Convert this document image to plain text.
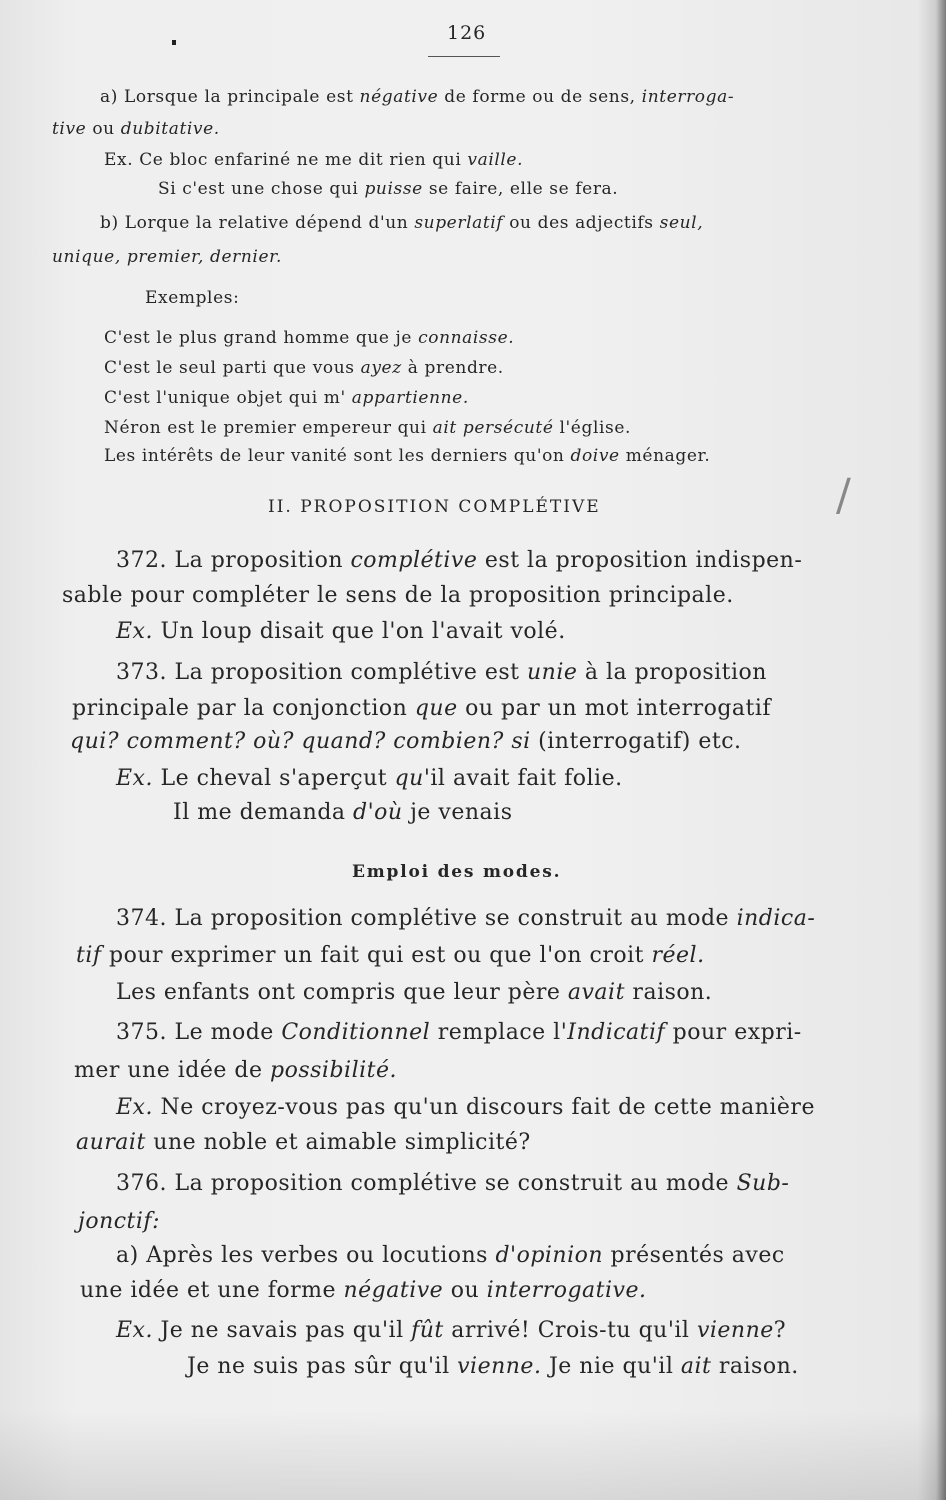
/
126
a) Lorsque la principale est négative de forme ou de sens, interroga-
tive ou dubitative.
Ex. Ce bloc enfariné ne me dit rien qui vaille.
Si c'est une chose qui puisse se faire, elle se fera.
b) Lorque la relative dépend d'un superlatif ou des adjectifs seul,
unique, premier, dernier.
Exemples:
C'est le plus grand homme que je connaisse.
C'est le seul parti que vous ayez à prendre.
C'est l'unique objet qui m' appartienne.
Néron est le premier empereur qui ait persécuté l'église.
Les intérêts de leur vanité sont les derniers qu'on doive ménager.
II. PROPOSITION COMPLÉTIVE
372. La proposition complétive est la proposition indispen-
sable pour compléter le sens de la proposition principale.
Ex. Un loup disait que l'on l'avait volé.
373. La proposition complétive est unie à la proposition
principale par la conjonction que ou par un mot interrogatif
qui? comment? où? quand? combien? si (interrogatif) etc.
Ex. Le cheval s'aperçut qu'il avait fait folie.
Il me demanda d'où je venais
Emploi des modes.
374. La proposition complétive se construit au mode indica-
tif pour exprimer un fait qui est ou que l'on croit réel.
Les enfants ont compris que leur père avait raison.
375. Le mode Conditionnel remplace l'Indicatif pour expri-
mer une idée de possibilité.
Ex. Ne croyez-vous pas qu'un discours fait de cette manière
aurait une noble et aimable simplicité?
376. La proposition complétive se construit au mode Sub-
jonctif:
a) Après les verbes ou locutions d'opinion présentés avec
une idée et une forme négative ou interrogative.
Ex. Je ne savais pas qu'il fût arrivé! Crois-tu qu'il vienne?
Je ne suis pas sûr qu'il vienne. Je nie qu'il ait raison.
